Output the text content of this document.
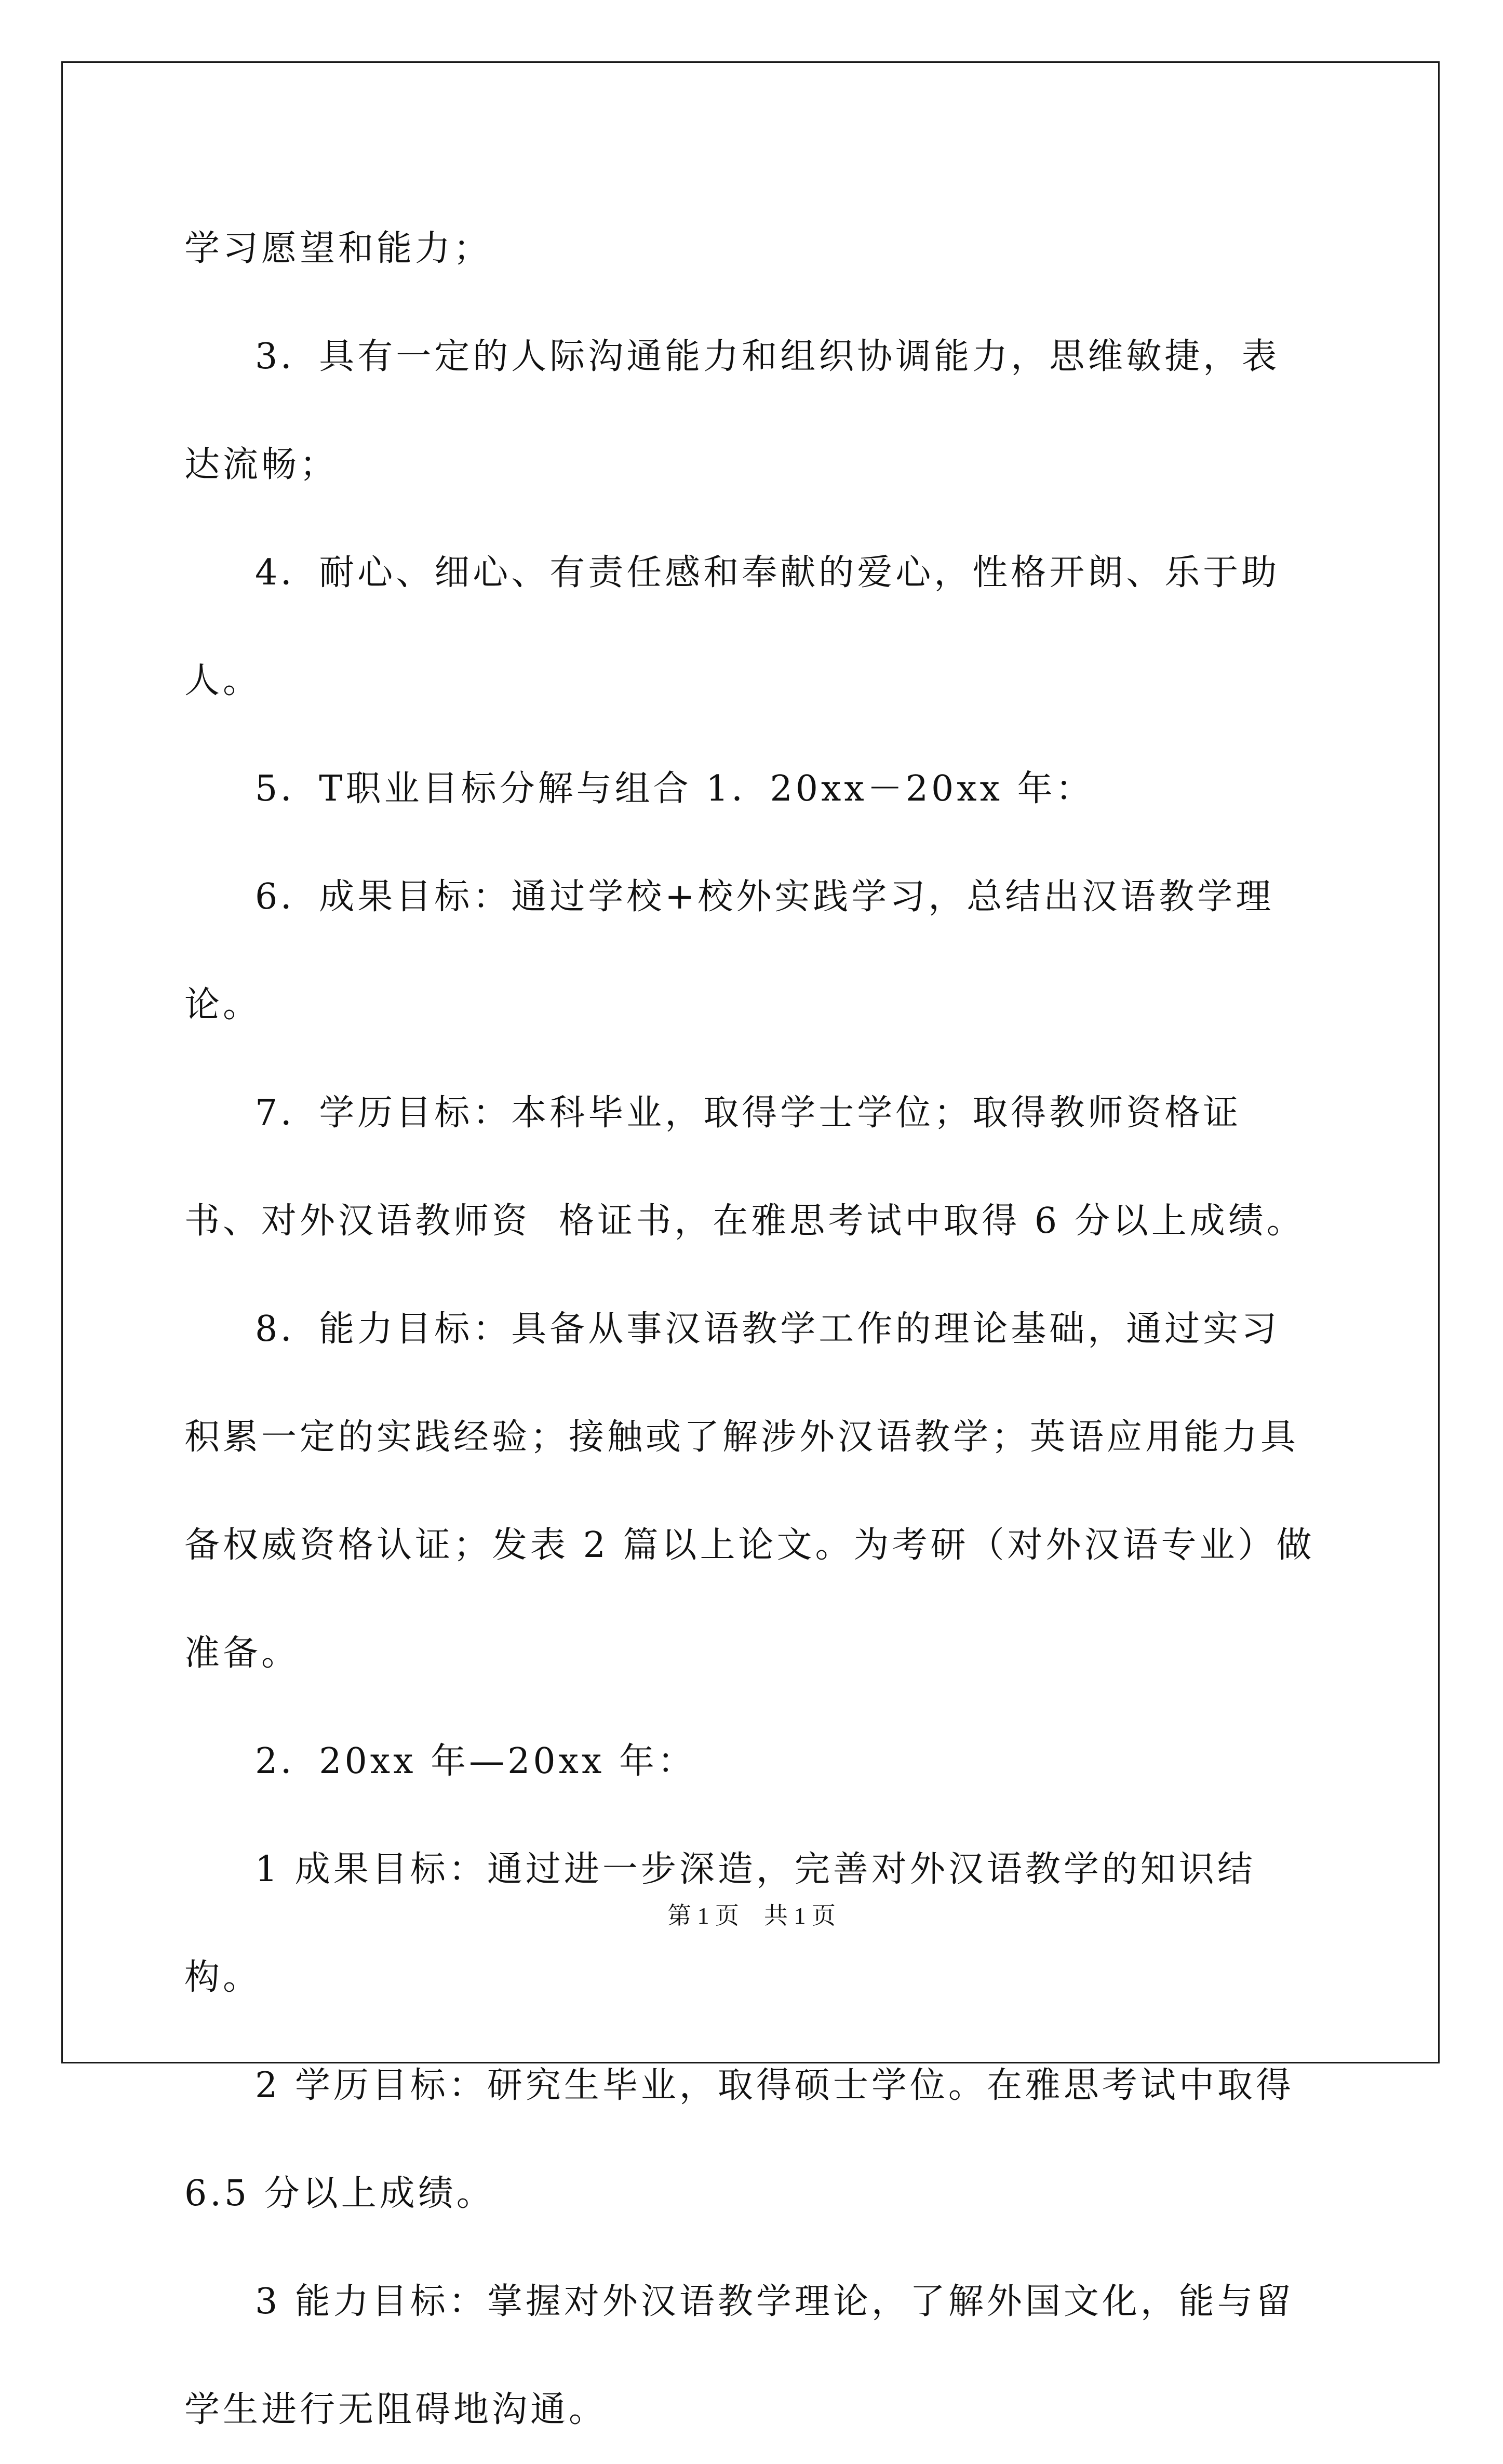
学习愿望和能力；

3．具有一定的人际沟通能力和组织协调能力，思维敏捷，表达流畅；

4．耐心、细心、有责任感和奉献的爱心，性格开朗、乐于助人。

5．T职业目标分解与组合 1．20xx－20xx 年：

6．成果目标：通过学校+校外实践学习，总结出汉语教学理论。

7．学历目标：本科毕业，取得学士学位；取得教师资格证书、对外汉语教师资  格证书，在雅思考试中取得 6 分以上成绩。

8．能力目标：具备从事汉语教学工作的理论基础，通过实习积累一定的实践经验；接触或了解涉外汉语教学；英语应用能力具备权威资格认证；发表 2 篇以上论文。为考研（对外汉语专业）做准备。

2．20xx 年—20xx 年：

1 成果目标：通过进一步深造，完善对外汉语教学的知识结构。

2 学历目标：研究生毕业，取得硕士学位。在雅思考试中取得 6.5 分以上成绩。

3 能力目标：掌握对外汉语教学理论，了解外国文化，能与留学生进行无阻碍地沟通。

第 1 页 共 1 页
